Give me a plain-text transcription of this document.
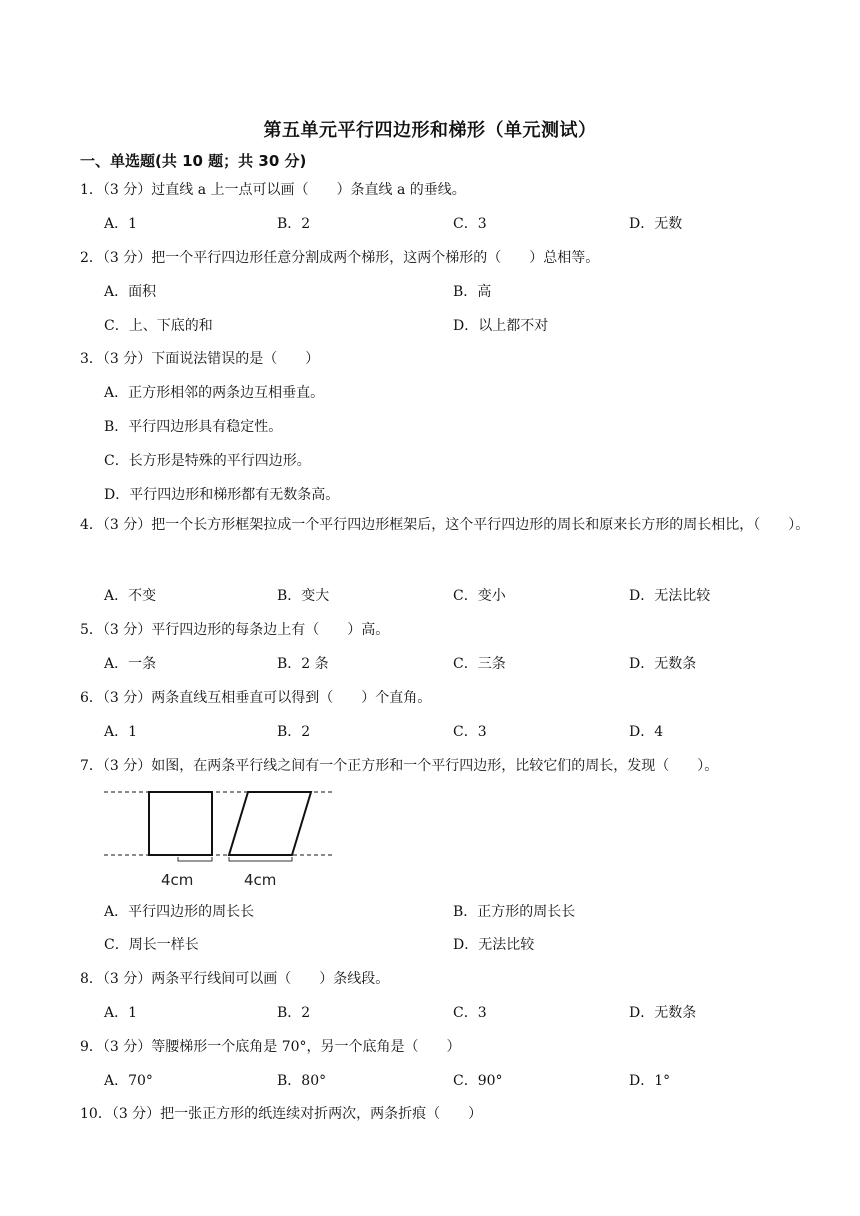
第五单元平行四边形和梯形（单元测试）
一、单选题(共 10 题；共 30 分)
1．（3 分）过直线 a 上一点可以画（　　）条直线 a 的垂线。
A．1	B．2	C．3	D．无数
2．（3 分）把一个平行四边形任意分割成两个梯形，这两个梯形的（　　）总相等。
A．面积	B．高
C．上、下底的和	D．以上都不对
3．（3 分）下面说法错误的是（　　）
A．正方形相邻的两条边互相垂直。
B．平行四边形具有稳定性。
C．长方形是特殊的平行四边形。
D．平行四边形和梯形都有无数条高。
4．（3 分）把一个长方形框架拉成一个平行四边形框架后，这个平行四边形的周长和原来长方形的周长相比，（　　）。
A．不变	B．变大	C．变小	D．无法比较
5．（3 分）平行四边形的每条边上有（　　）高。
A．一条	B．2 条	C．三条	D．无数条
6．（3 分）两条直线互相垂直可以得到（　　）个直角。
A．1	B．2	C．3	D．4
7．（3 分）如图，在两条平行线之间有一个正方形和一个平行四边形，比较它们的周长，发现（　　）。
4cm	4cm
A．平行四边形的周长长	B．正方形的周长长
C．周长一样长	D．无法比较
8．（3 分）两条平行线间可以画（　　）条线段。
A．1	B．2	C．3	D．无数条
9．（3 分）等腰梯形一个底角是 70°，另一个底角是（　　）
A．70°	B．80°	C．90°	D．1°
10．（3 分）把一张正方形的纸连续对折两次，两条折痕（　　）
